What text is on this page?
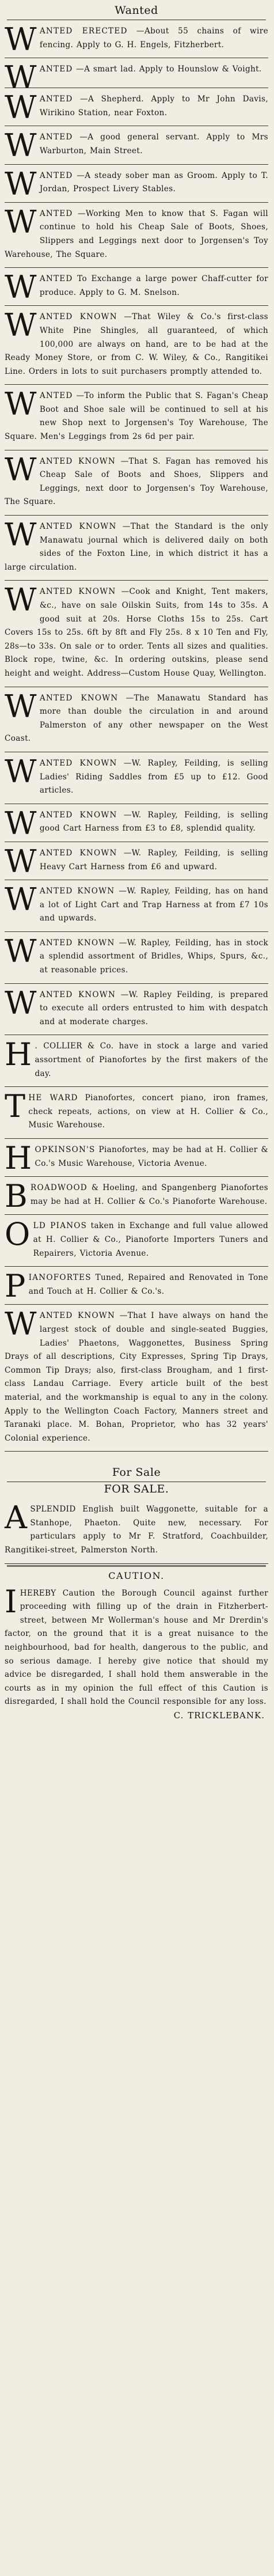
Wanted
W ANTED ERECTED —About 55 chains of wire fencing. Apply to G. H. Engels, Fitzherbert.

W ANTED —A smart lad. Apply to Hounslow & Voight.

W ANTED —A Shepherd. Apply to Mr John Davis, Wirikino Station, near Foxton.

W ANTED —A good general servant. Apply to Mrs Warburton, Main Street.

W ANTED —A steady sober man as Groom. Apply to T. Jordan, Prospect Livery Stables.

W ANTED —Working Men to know that S. Fagan will continue to hold his Cheap Sale of Boots, Shoes, Slippers and Leggings next door to Jorgensen's Toy Warehouse, The Square.

W ANTED To Exchange a large power Chaff-cutter for produce. Apply to G. M. Snelson.

W ANTED KNOWN —That Wiley & Co.'s first-class White Pine Shingles, all guaranteed, of which 100,000 are always on hand, are to be had at the Ready Money Store, or from C. W. Wiley, & Co., Rangitikei Line. Orders in lots to suit purchasers promptly attended to.

W ANTED —To inform the Public that S. Fagan's Cheap Boot and Shoe sale will be continued to sell at his new Shop next to Jorgensen's Toy Warehouse, The Square. Men's Leggings from 2s 6d per pair.

W ANTED KNOWN —That S. Fagan has removed his Cheap Sale of Boots and Shoes, Slippers and Leggings, next door to Jorgensen's Toy Warehouse, The Square.

W ANTED KNOWN —That the Standard is the only Manawatu journal which is delivered daily on both sides of the Foxton Line, in which district it has a large circulation.

W ANTED KNOWN —Cook and Knight, Tent makers, &c., have on sale Oilskin Suits, from 14s to 35s. A good suit at 20s. Horse Cloths 15s to 25s. Cart Covers 15s to 25s. 6ft by 8ft and Fly 25s. 8 x 10 Ten and Fly, 28s—to 33s. On sale or to order. Tents all sizes and qualities. Block rope, twine, &c. In ordering outskins, please send height and weight. Address—Custom House Quay, Wellington.

W ANTED KNOWN —The Manawatu Standard has more than double the circulation in and around Palmerston of any other newspaper on the West Coast.

W ANTED KNOWN —W. Rapley, Feilding, is selling Ladies' Riding Saddles from £5 up to £12. Good articles.

W ANTED KNOWN —W. Rapley, Feilding, is selling good Cart Harness from £3 to £8, splendid quality.

W ANTED KNOWN —W. Rapley, Feilding, is selling Heavy Cart Harness from £6 and upward.

W ANTED KNOWN —W. Rapley, Feilding, has on hand a lot of Light Cart and Trap Harness at from £7 10s and upwards.

W ANTED KNOWN —W. Rapley, Feilding, has in stock a splendid assortment of Bridles, Whips, Spurs, &c., at reasonable prices.

W ANTED KNOWN —W. Rapley Feilding, is prepared to execute all orders entrusted to him with despatch and at moderate charges.

H . COLLIER & Co. have in stock a large and varied assortment of Pianofortes by the first makers of the day.

T HE WARD Pianofortes, concert piano, iron frames, check repeats, actions, on view at H. Collier & Co., Music Warehouse.

H OPKINSON'S Pianofortes, may be had at H. Collier & Co.'s Music Warehouse, Victoria Avenue.

B ROADWOOD & Hoeling, and Spangenberg Pianofortes may be had at H. Collier & Co.'s Pianoforte Warehouse.

O LD PIANOS taken in Exchange and full value allowed at H. Collier & Co., Pianoforte Importers Tuners and Repairers, Victoria Avenue.

P IANOFORTES Tuned, Repaired and Renovated in Tone and Touch at H. Collier & Co.'s.

W ANTED KNOWN —That I have always on hand the largest stock of double and single-seated Buggies, Ladies' Phaetons, Waggonettes, Business Spring Drays of all descriptions, City Expresses, Spring Tip Drays, Common Tip Drays; also, first-class Brougham, and 1 first-class Landau Carriage. Every article built of the best material, and the workmanship is equal to any in the colony. Apply to the Wellington Coach Factory, Manners street and Taranaki place. M. Bohan, Proprietor, who has 32 years' Colonial experience.

For Sale
FOR SALE.
A SPLENDID English built Waggonette, suitable for a Stanhope, Phaeton. Quite new, necessary. For particulars apply to Mr F. Stratford, Coachbuilder, Rangitikei-street, Palmerston North.

CAUTION.
I HEREBY Caution the Borough Council against further proceeding with filling up of the drain in Fitzherbert-street, between Mr Wollerman's house and Mr Drerdin's factor, on the ground that it is a great nuisance to the neighbourhood, bad for health, dangerous to the public, and so serious damage. I hereby give notice that should my advice be disregarded, I shall hold them answerable in the courts as in my opinion the full effect of this Caution is disregarded, I shall hold the Council responsible for any loss.

C. TRICKLEBANK.
